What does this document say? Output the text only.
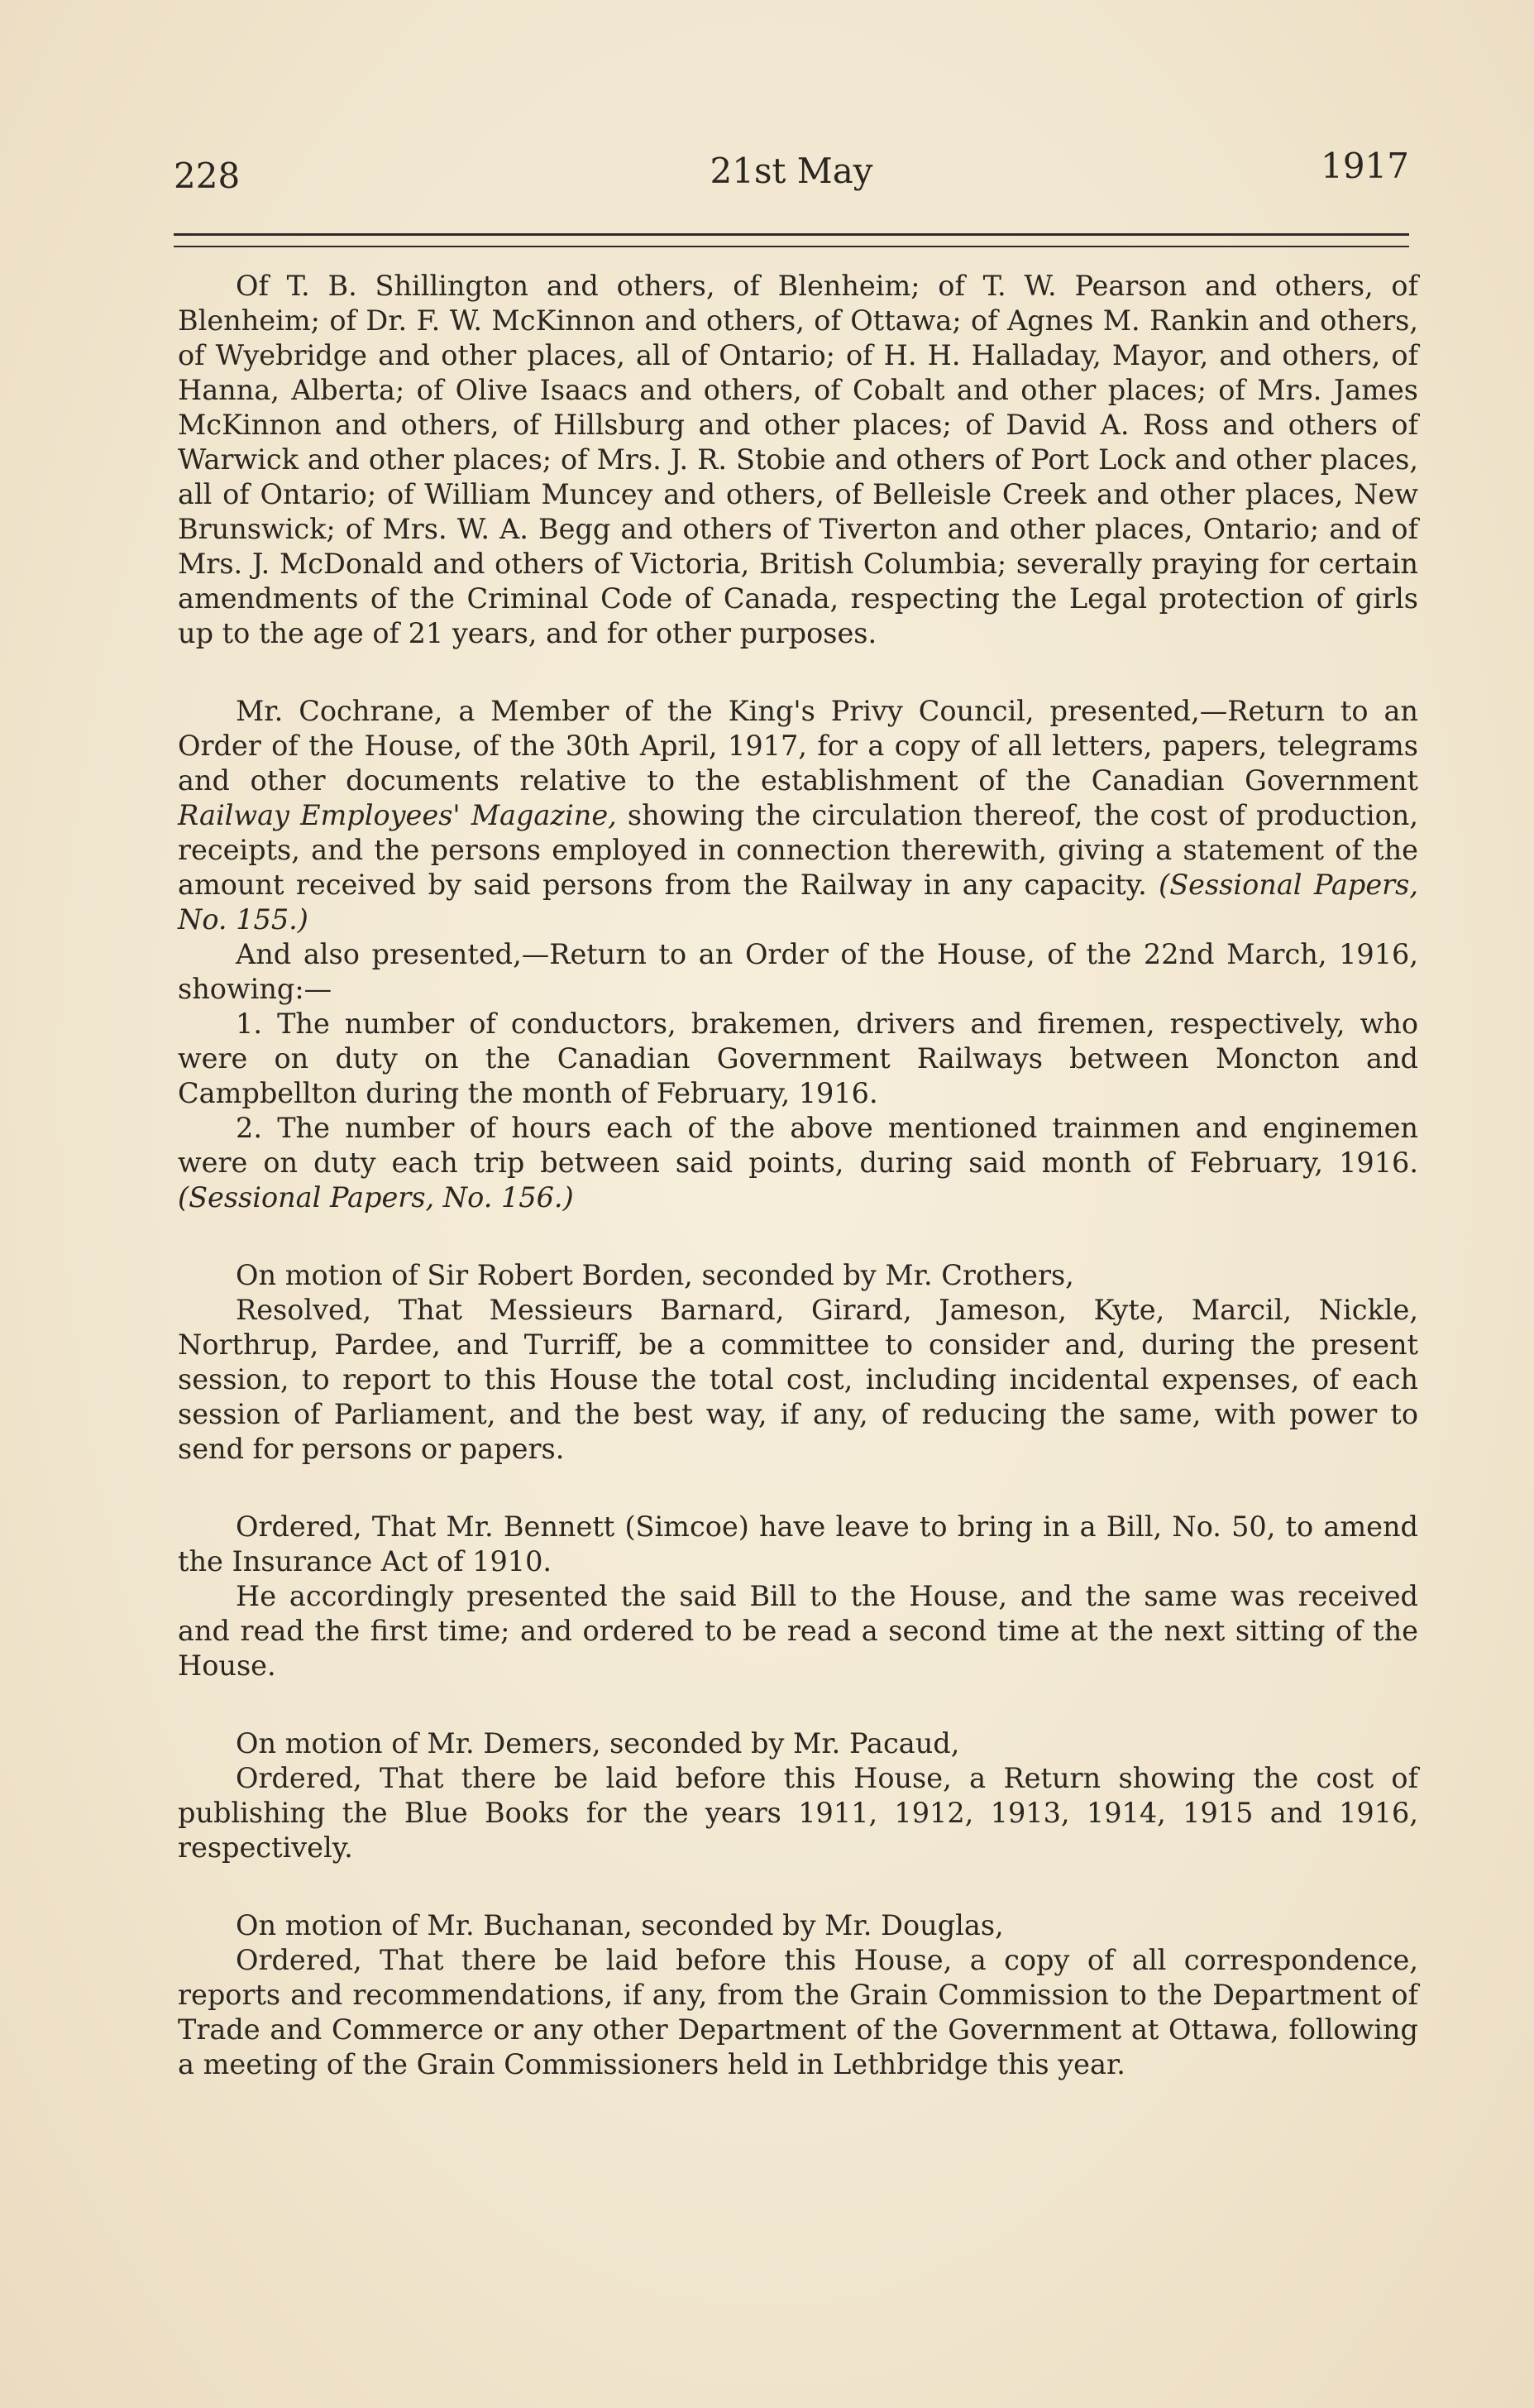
228	21st May	1917

Of T. B. Shillington and others, of Blenheim; of T. W. Pearson and others, of Blenheim; of Dr. F. W. McKinnon and others, of Ottawa; of Agnes M. Rankin and others, of Wyebridge and other places, all of Ontario; of H. H. Halladay, Mayor, and others, of Hanna, Alberta; of Olive Isaacs and others, of Cobalt and other places; of Mrs. James McKinnon and others, of Hillsburg and other places; of David A. Ross and others of Warwick and other places; of Mrs. J. R. Stobie and others of Port Lock and other places, all of Ontario; of William Muncey and others, of Belleisle Creek and other places, New Brunswick; of Mrs. W. A. Begg and others of Tiverton and other places, Ontario; and of Mrs. J. McDonald and others of Victoria, British Columbia; severally praying for certain amendments of the Criminal Code of Canada, respecting the Legal protection of girls up to the age of 21 years, and for other purposes.

Mr. Cochrane, a Member of the King's Privy Council, presented,—Return to an Order of the House, of the 30th April, 1917, for a copy of all letters, papers, telegrams and other documents relative to the establishment of the Canadian Government Railway Employees' Magazine, showing the circulation thereof, the cost of production, receipts, and the persons employed in connection therewith, giving a statement of the amount received by said persons from the Railway in any capacity. (Sessional Papers, No. 155.)

And also presented,—Return to an Order of the House, of the 22nd March, 1916, showing:—

1. The number of conductors, brakemen, drivers and firemen, respectively, who were on duty on the Canadian Government Railways between Moncton and Campbellton during the month of February, 1916.

2. The number of hours each of the above mentioned trainmen and enginemen were on duty each trip between said points, during said month of February, 1916. (Sessional Papers, No. 156.)

On motion of Sir Robert Borden, seconded by Mr. Crothers,

Resolved, That Messieurs Barnard, Girard, Jameson, Kyte, Marcil, Nickle, Northrup, Pardee, and Turriff, be a committee to consider and, during the present session, to report to this House the total cost, including incidental expenses, of each session of Parliament, and the best way, if any, of reducing the same, with power to send for persons or papers.

Ordered, That Mr. Bennett (Simcoe) have leave to bring in a Bill, No. 50, to amend the Insurance Act of 1910.

He accordingly presented the said Bill to the House, and the same was received and read the first time; and ordered to be read a second time at the next sitting of the House.

On motion of Mr. Demers, seconded by Mr. Pacaud,

Ordered, That there be laid before this House, a Return showing the cost of publishing the Blue Books for the years 1911, 1912, 1913, 1914, 1915 and 1916, respectively.

On motion of Mr. Buchanan, seconded by Mr. Douglas,

Ordered, That there be laid before this House, a copy of all correspondence, reports and recommendations, if any, from the Grain Commission to the Department of Trade and Commerce or any other Department of the Government at Ottawa, following a meeting of the Grain Commissioners held in Lethbridge this year.
